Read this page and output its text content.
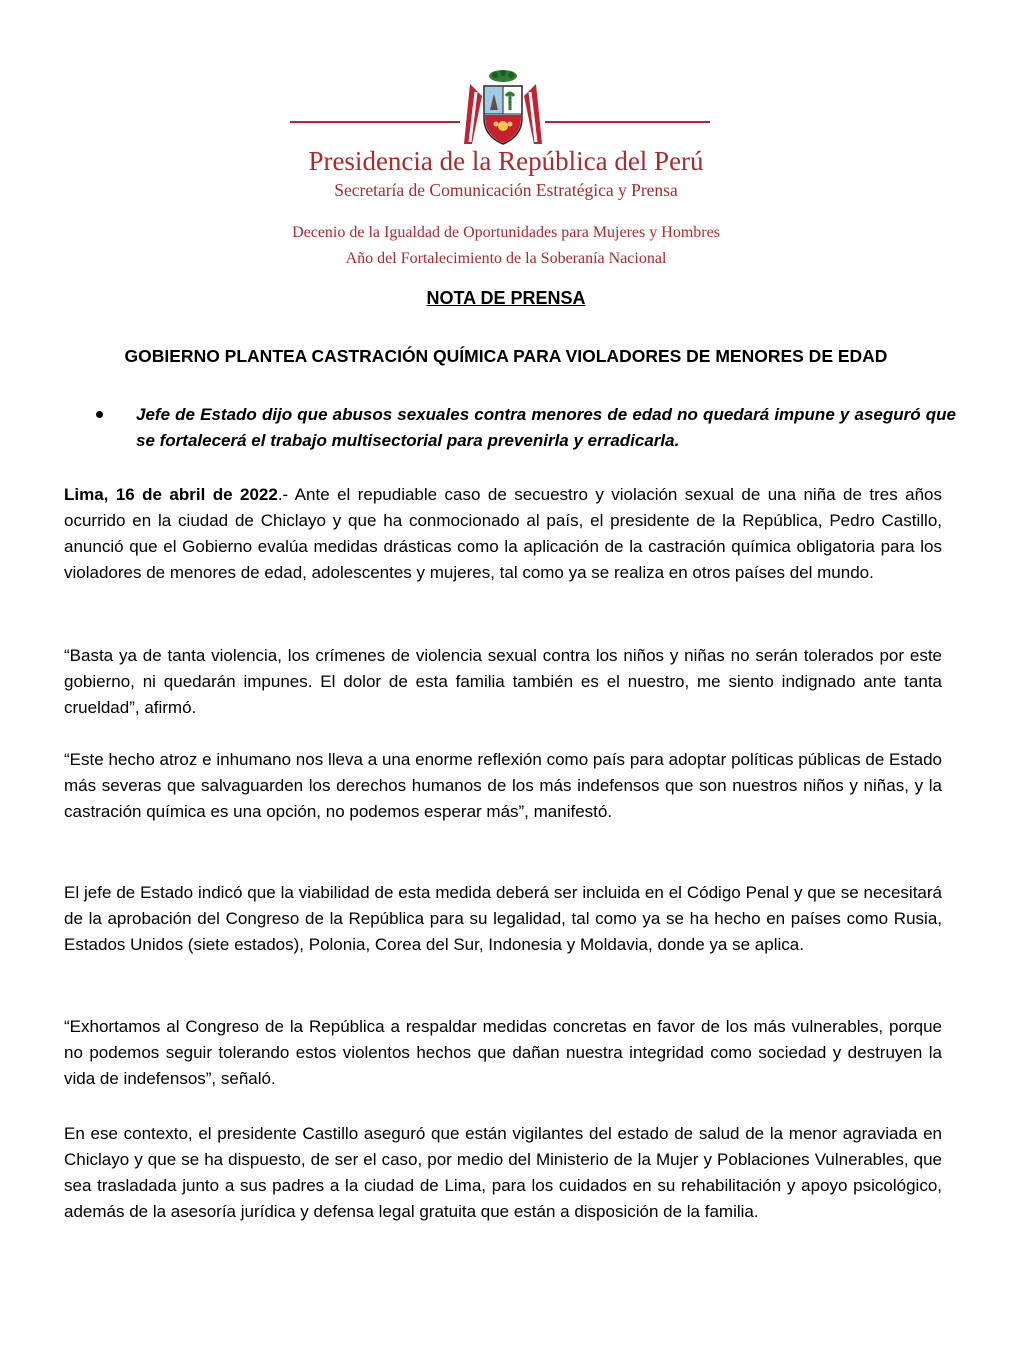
Presidencia de la República del Perú
Secretaría de Comunicación Estratégica y Prensa
Decenio de la Igualdad de Oportunidades para Mujeres y Hombres
Año del Fortalecimiento de la Soberanía Nacional
NOTA DE PRENSA
GOBIERNO PLANTEA CASTRACIÓN QUÍMICA PARA VIOLADORES DE MENORES DE EDAD
Jefe de Estado dijo que abusos sexuales contra menores de edad no quedará impune y aseguró que se fortalecerá el trabajo multisectorial para prevenirla y erradicarla.

Lima, 16 de abril de 2022.- Ante el repudiable caso de secuestro y violación sexual de una niña de tres años ocurrido en la ciudad de Chiclayo y que ha conmocionado al país, el presidente de la República, Pedro Castillo, anunció que el Gobierno evalúa medidas drásticas como la aplicación de la castración química obligatoria para los violadores de menores de edad, adolescentes y mujeres, tal como ya se realiza en otros países del mundo.

“Basta ya de tanta violencia, los crímenes de violencia sexual contra los niños y niñas no serán tolerados por este gobierno, ni quedarán impunes. El dolor de esta familia también es el nuestro, me siento indignado ante tanta crueldad”, afirmó.

“Este hecho atroz e inhumano nos lleva a una enorme reflexión como país para adoptar políticas públicas de Estado más severas que salvaguarden los derechos humanos de los más indefensos que son nuestros niños y niñas, y la castración química es una opción, no podemos esperar más”, manifestó.

El jefe de Estado indicó que la viabilidad de esta medida deberá ser incluida en el Código Penal y que se necesitará de la aprobación del Congreso de la República para su legalidad, tal como ya se ha hecho en países como Rusia, Estados Unidos (siete estados), Polonia, Corea del Sur, Indonesia y Moldavia, donde ya se aplica.

“Exhortamos al Congreso de la República a respaldar medidas concretas en favor de los más vulnerables, porque no podemos seguir tolerando estos violentos hechos que dañan nuestra integridad como sociedad y destruyen la vida de indefensos”, señaló.

En ese contexto, el presidente Castillo aseguró que están vigilantes del estado de salud de la menor agraviada en Chiclayo y que se ha dispuesto, de ser el caso, por medio del Ministerio de la Mujer y Poblaciones Vulnerables, que sea trasladada junto a sus padres a la ciudad de Lima, para los cuidados en su rehabilitación y apoyo psicológico, además de la asesoría jurídica y defensa legal gratuita que están a disposición de la familia.
